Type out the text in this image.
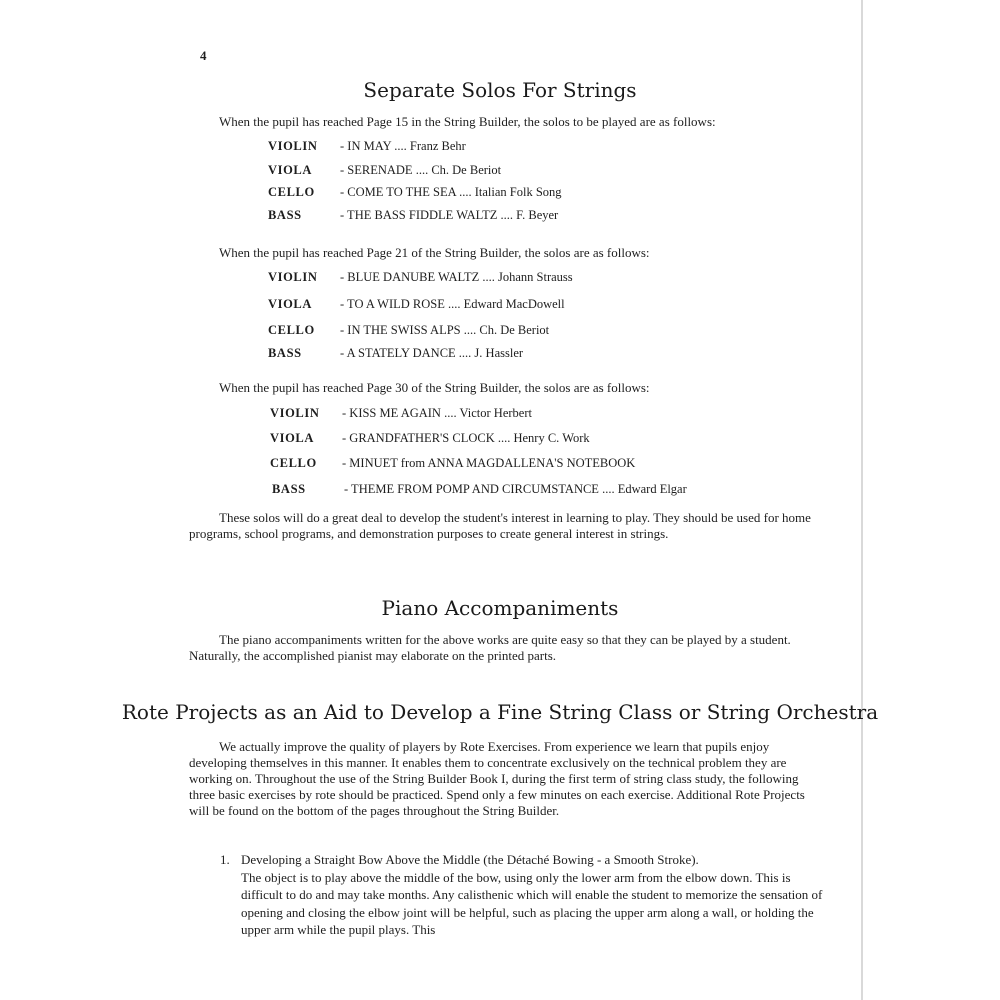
4
Separate Solos For Strings
When the pupil has reached Page 15 in the String Builder, the solos to be played are as follows:
VIOLIN - IN MAY .... Franz Behr
VIOLA - SERENADE .... Ch. De Beriot
CELLO - COME TO THE SEA .... Italian Folk Song
BASS	- THE BASS FIDDLE WALTZ .... F. Beyer
When the pupil has reached Page 21 of the String Builder, the solos are as follows:
VIOLIN - BLUE DANUBE WALTZ .... Johann Strauss
VIOLA - TO A WILD ROSE .... Edward MacDowell
CELLO - IN THE SWISS ALPS .... Ch. De Beriot
BASS	- A STATELY DANCE .... J. Hassler
When the pupil has reached Page 30 of the String Builder, the solos are as follows:
VIOLIN - KISS ME AGAIN .... Victor Herbert
VIOLA - GRANDFATHER'S CLOCK .... Henry C. Work
CELLO - MINUET from ANNA MAGDALLENA'S NOTEBOOK
BASS	- THEME FROM POMP AND CIRCUMSTANCE .... Edward Elgar
These solos will do a great deal to develop the student's interest in learning to play. They should be used for home programs, school programs, and demonstration purposes to create general interest in strings.
Piano Accompaniments
The piano accompaniments written for the above works are quite easy so that they can be played by a student. Naturally, the accomplished pianist may elaborate on the printed parts.
Rote Projects as an Aid to Develop a Fine String Class or String Orchestra
We actually improve the quality of players by Rote Exercises. From experience we learn that pupils enjoy developing themselves in this manner. It enables them to concentrate exclusively on the technical problem they are working on. Throughout the use of the String Builder Book I, during the first term of string class study, the following three basic exercises by rote should be practiced. Spend only a few minutes on each exercise. Additional Rote Projects will be found on the bottom of the pages throughout the String Builder.
1. Developing a Straight Bow Above the Middle (the Détaché Bowing - a Smooth Stroke).
The object is to play above the middle of the bow, using only the lower arm from the elbow down. This is difficult to do and may take months. Any calisthenic which will enable the student to memorize the sensation of opening and closing the elbow joint will be helpful, such as placing the upper arm along a wall, or holding the upper arm while the pupil plays. This
